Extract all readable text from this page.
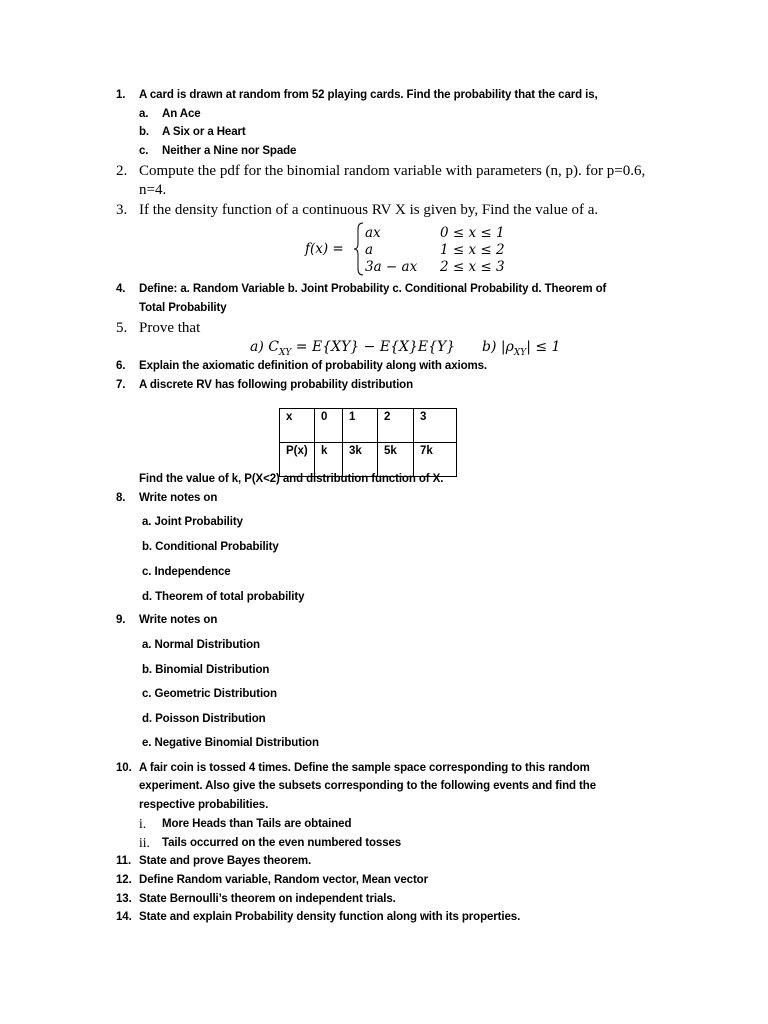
1. A card is drawn at random from 52 playing cards. Find the probability that the card is,
a. An Ace
b. A Six or a Heart
c. Neither a Nine nor Spade
2. Compute the pdf for the binomial random variable with parameters (n, p). for p=0.6,
n=4.
3. If the density function of a continuous RV X is given by, Find the value of a.
f(x) =
ax	0 ≤ x ≤ 1
a	1 ≤ x ≤ 2
3a − ax 2 ≤ x ≤ 3
4. Define: a. Random Variable b. Joint Probability c. Conditional Probability d. Theorem of
Total Probability
5. Prove that
a) $C_{XY} = E\{XY\} - E\{X\}E\{Y\}$ b) $|\rho_{XY}| \le 1$
6. Explain the axiomatic definition of probability along with axioms.
7. A discrete RV has following probability distribution
x	0	1	2	3
P(x)	k	3k	5k	7k
Find the value of k, P(X<2) and distribution function of X.
8. Write notes on
a. Joint Probability
b. Conditional Probability
c. Independence
d. Theorem of total probability
9. Write notes on
a. Normal Distribution
b. Binomial Distribution
c. Geometric Distribution
d. Poisson Distribution
e. Negative Binomial Distribution
10. A fair coin is tossed 4 times. Define the sample space corresponding to this random
experiment. Also give the subsets corresponding to the following events and find the
respective probabilities.
i. More Heads than Tails are obtained
ii. Tails occurred on the even numbered tosses
11. State and prove Bayes theorem.
12. Define Random variable, Random vector, Mean vector
13. State Bernoulli’s theorem on independent trials.
14. State and explain Probability density function along with its properties.
